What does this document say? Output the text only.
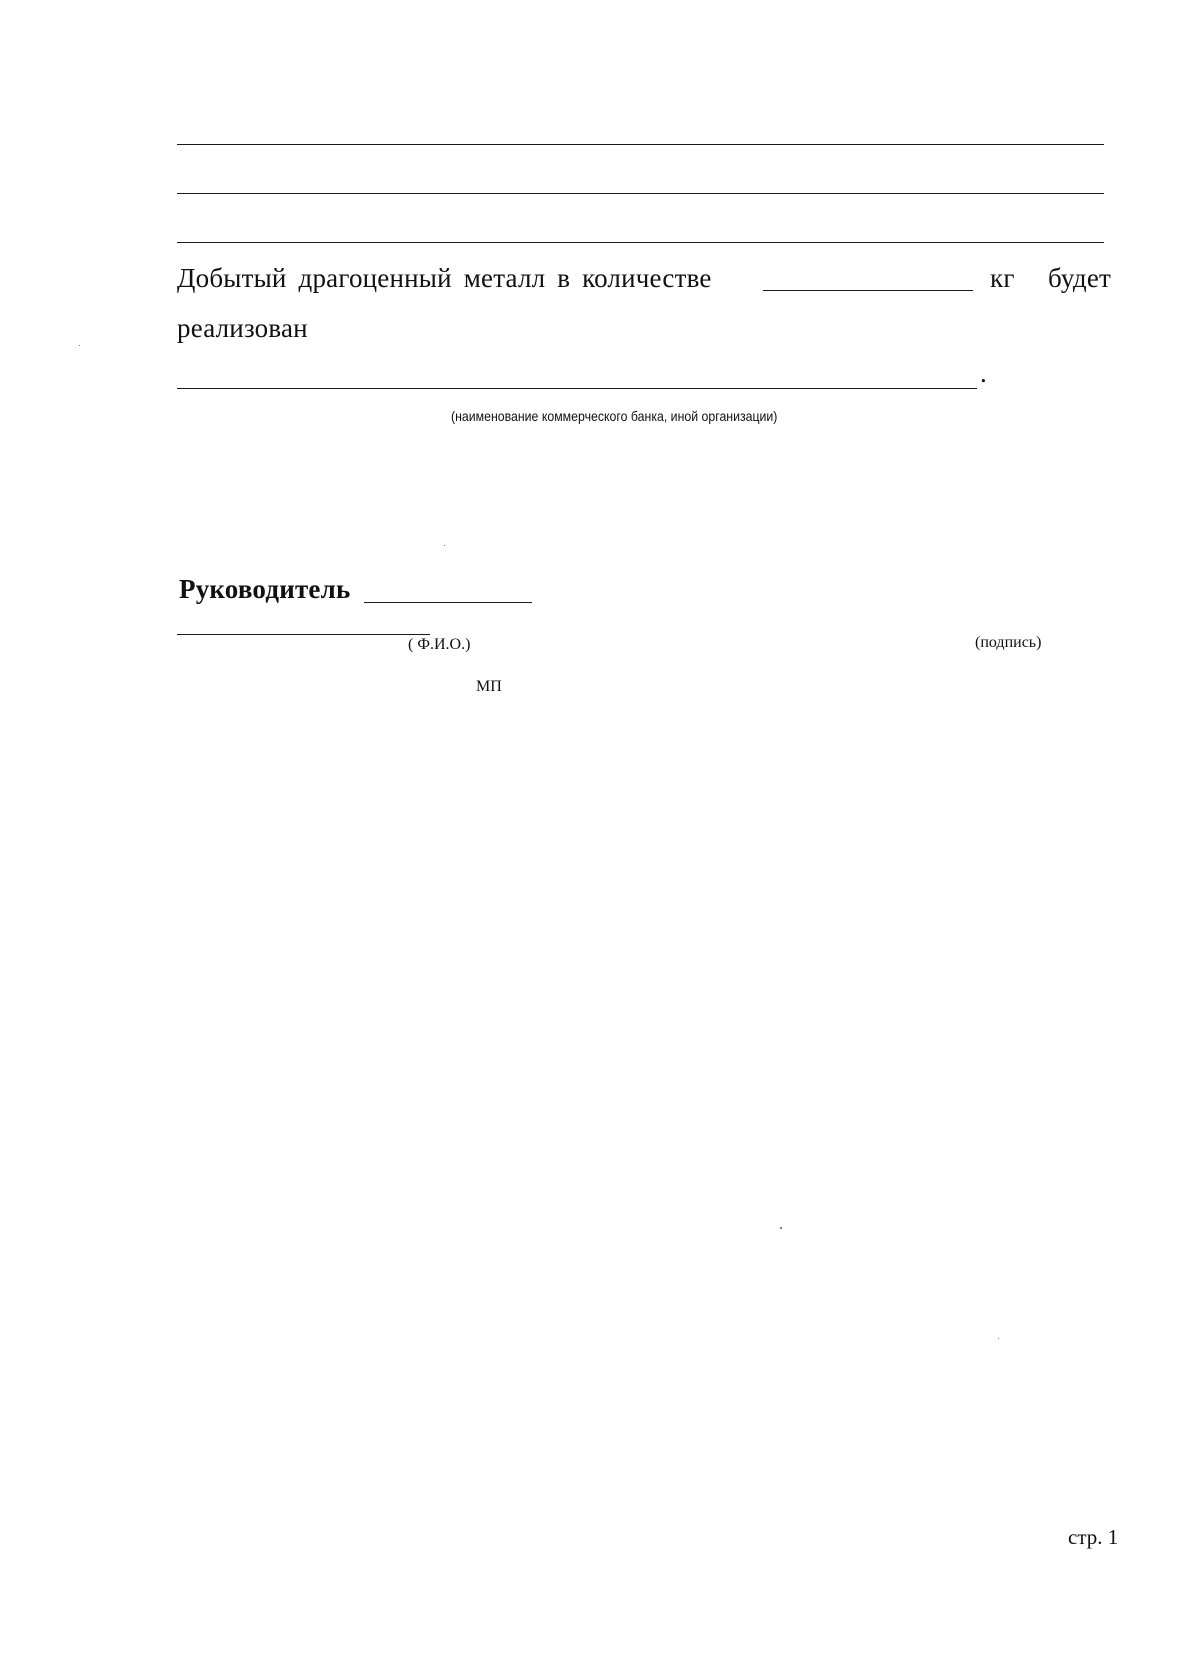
Добытый драгоценный металл в количестве	кг будет
реализован
.
(наименование коммерческого банка, иной организации)
Руководитель
( Ф.И.О.)	(подпись)
МП
стр. 1
